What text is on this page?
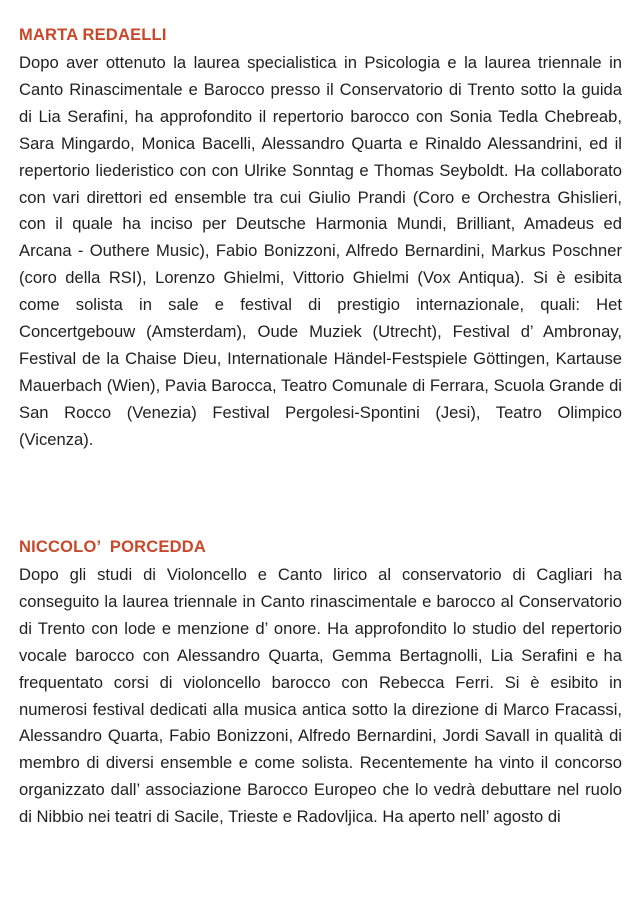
MARTA REDAELLI

Dopo aver ottenuto la laurea specialistica in Psicologia e la laurea triennale in Canto Rinascimentale e Barocco presso il Conservatorio di Trento sotto la guida di Lia Serafini, ha approfondito il repertorio barocco con Sonia Tedla Chebreab, Sara Mingardo, Monica Bacelli, Alessandro Quarta e Rinaldo Alessandrini, ed il repertorio liederistico con con Ulrike Sonntag e Thomas Seyboldt. Ha collaborato con vari direttori ed ensemble tra cui Giulio Prandi (Coro e Orchestra Ghislieri, con il quale ha inciso per Deutsche Harmonia Mundi, Brilliant, Amadeus ed Arcana - Outhere Music), Fabio Bonizzoni, Alfredo Bernardini, Markus Poschner (coro della RSI), Lorenzo Ghielmi, Vittorio Ghielmi (Vox Antiqua). Si è esibita come solista in sale e festival di prestigio internazionale, quali: Het Concertgebouw (Amsterdam), Oude Muziek (Utrecht), Festival d’ Ambronay, Festival de la Chaise Dieu, Internationale Händel-Festspiele Göttingen, Kartause Mauerbach (Wien), Pavia Barocca, Teatro Comunale di Ferrara, Scuola Grande di San Rocco (Venezia) Festival Pergolesi-Spontini (Jesi), Teatro Olimpico (Vicenza).

NICCOLO’  PORCEDDA

Dopo gli studi di Violoncello e Canto lirico al conservatorio di Cagliari ha conseguito la laurea triennale in Canto rinascimentale e barocco al Conservatorio di Trento con lode e menzione d’ onore. Ha approfondito lo studio del repertorio vocale barocco con Alessandro Quarta, Gemma Bertagnolli, Lia Serafini e ha frequentato corsi di violoncello barocco con Rebecca Ferri. Si è esibito in numerosi festival dedicati alla musica antica sotto la direzione di Marco Fracassi, Alessandro Quarta, Fabio Bonizzoni, Alfredo Bernardini, Jordi Savall in qualità di membro di diversi ensemble e come solista. Recentemente ha vinto il concorso organizzato dall’ associazione Barocco Europeo che lo vedrà debuttare nel ruolo di Nibbio nei teatri di Sacile, Trieste e Radovljica. Ha aperto nell’ agosto di
